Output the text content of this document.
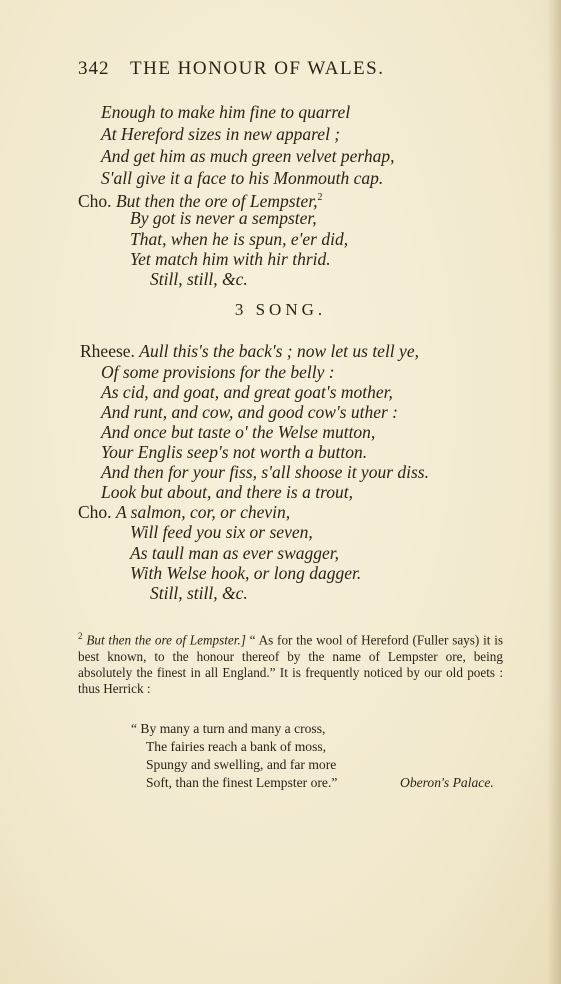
342 THE HONOUR OF WALES.
Enough to make him fine to quarrel
At Hereford sizes in new apparel ;
And get him as much green velvet perhap,
S'all give it a face to his Monmouth cap.
Cho. But then the ore of Lempster,$^2$
By got is never a sempster,
That, when he is spun, e'er did,
Yet match him with hir thrid.
Still, still, &c.
3 SONG.
Rheese. Aull this's the back's ; now let us tell ye,
Of some provisions for the belly :
As cid, and goat, and great goat's mother,
And runt, and cow, and good cow's uther :
And once but taste o' the Welse mutton,
Your Englis seep's not worth a button.
And then for your fiss, s'all shoose it your diss.
Look but about, and there is a trout,
Cho. A salmon, cor, or chevin,
Will feed you six or seven,
As taull man as ever swagger,
With Welse hook, or long dagger.
Still, still, &c.
$^2$ But then the ore of Lempster.] “ As for the wool of Hereford (Fuller says) it is best known, to the honour thereof by the name of Lempster ore, being absolutely the finest in all England.” It is frequently noticed by our old poets : thus Herrick :
“ By many a turn and many a cross,
The fairies reach a bank of moss,
Spungy and swelling, and far more
Soft, than the finest Lempster ore.”	Oberon's Palace.
